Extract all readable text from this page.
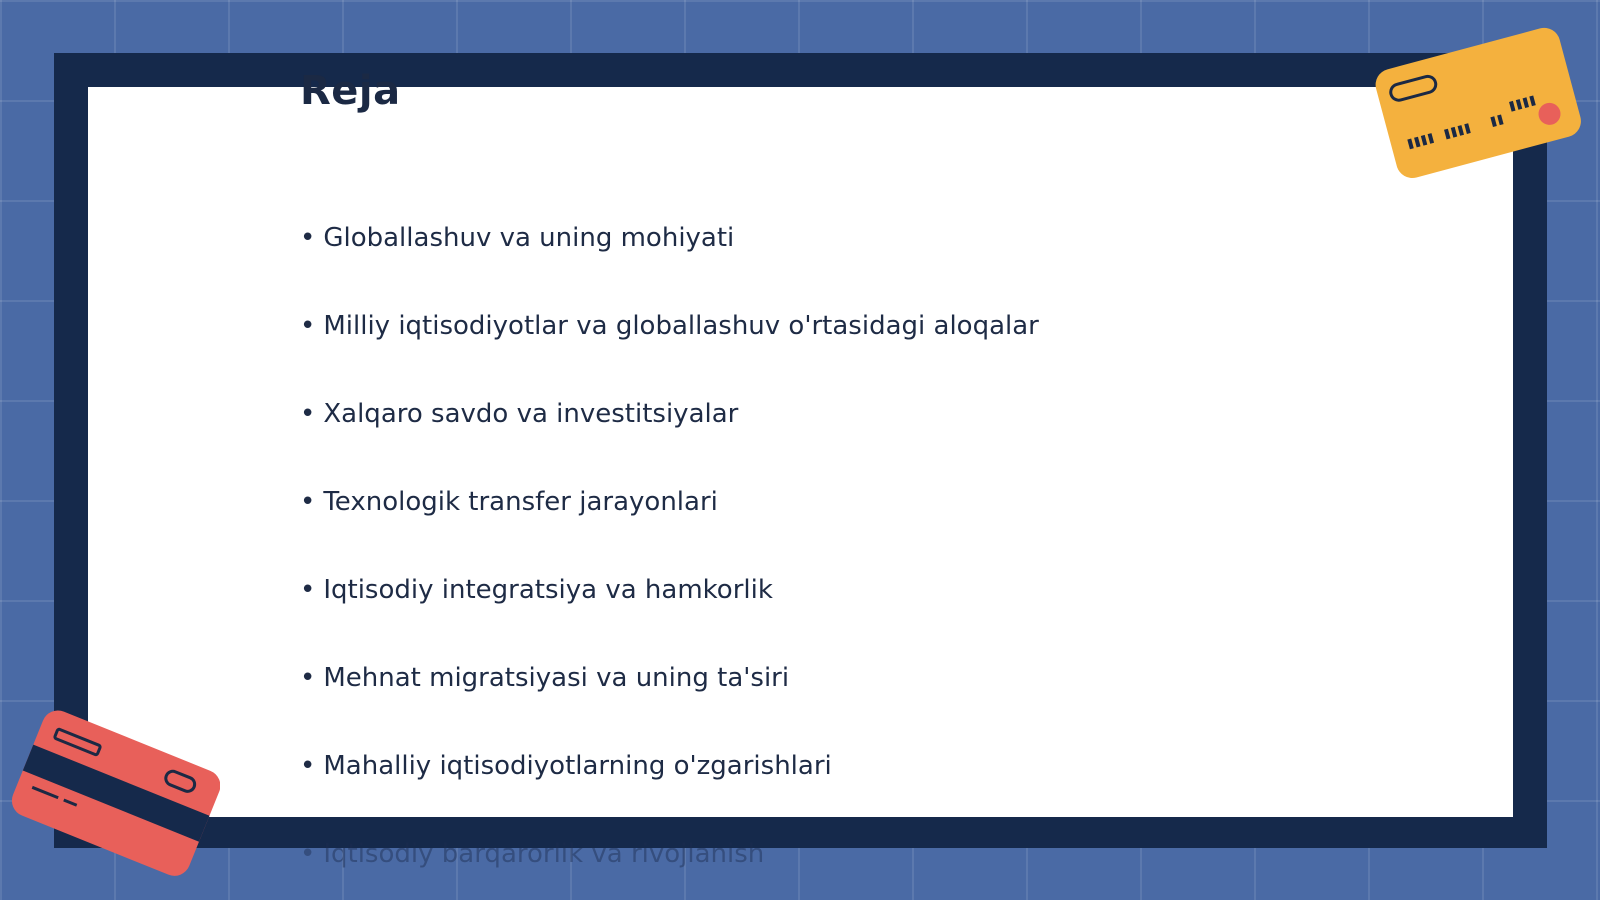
Reja
• Globallashuv va uning mohiyati
• Milliy iqtisodiyotlar va globallashuv o'rtasidagi aloqalar
• Xalqaro savdo va investitsiyalar
• Texnologik transfer jarayonlari
• Iqtisodiy integratsiya va hamkorlik
• Mehnat migratsiyasi va uning ta'siri
• Mahalliy iqtisodiyotlarning o'zgarishlari
• Iqtisodiy barqarorlik va rivojlanish
